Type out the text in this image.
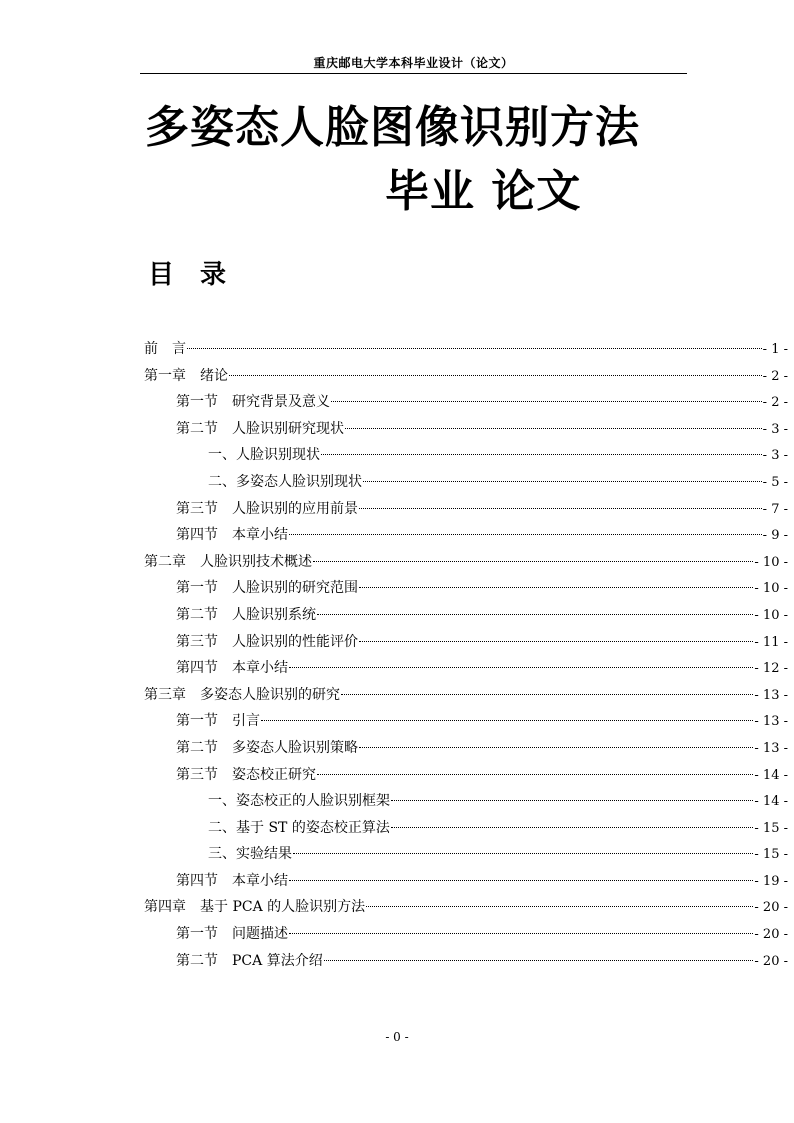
重庆邮电大学本科毕业设计（论文）
多姿态人脸图像识别方法
毕业 论文
目 录
前　言	- 1 -
第一章　绪论	- 2 -
第一节　研究背景及意义	- 2 -
第二节　人脸识别研究现状	- 3 -
一、人脸识别现状	- 3 -
二、多姿态人脸识别现状	- 5 -
第三节　人脸识别的应用前景	- 7 -
第四节　本章小结	- 9 -
第二章　人脸识别技术概述	- 10 -
第一节　人脸识别的研究范围	- 10 -
第二节　人脸识别系统	- 10 -
第三节　人脸识别的性能评价	- 11 -
第四节　本章小结	- 12 -
第三章　多姿态人脸识别的研究	- 13 -
第一节　引言	- 13 -
第二节　多姿态人脸识别策略	- 13 -
第三节　姿态校正研究	- 14 -
一、姿态校正的人脸识别框架	- 14 -
二、基于 ST 的姿态校正算法	- 15 -
三、实验结果	- 15 -
第四节　本章小结	- 19 -
第四章　基于 PCA 的人脸识别方法	- 20 -
第一节　问题描述	- 20 -
第二节　PCA 算法介绍	- 20 -
- 0 -
